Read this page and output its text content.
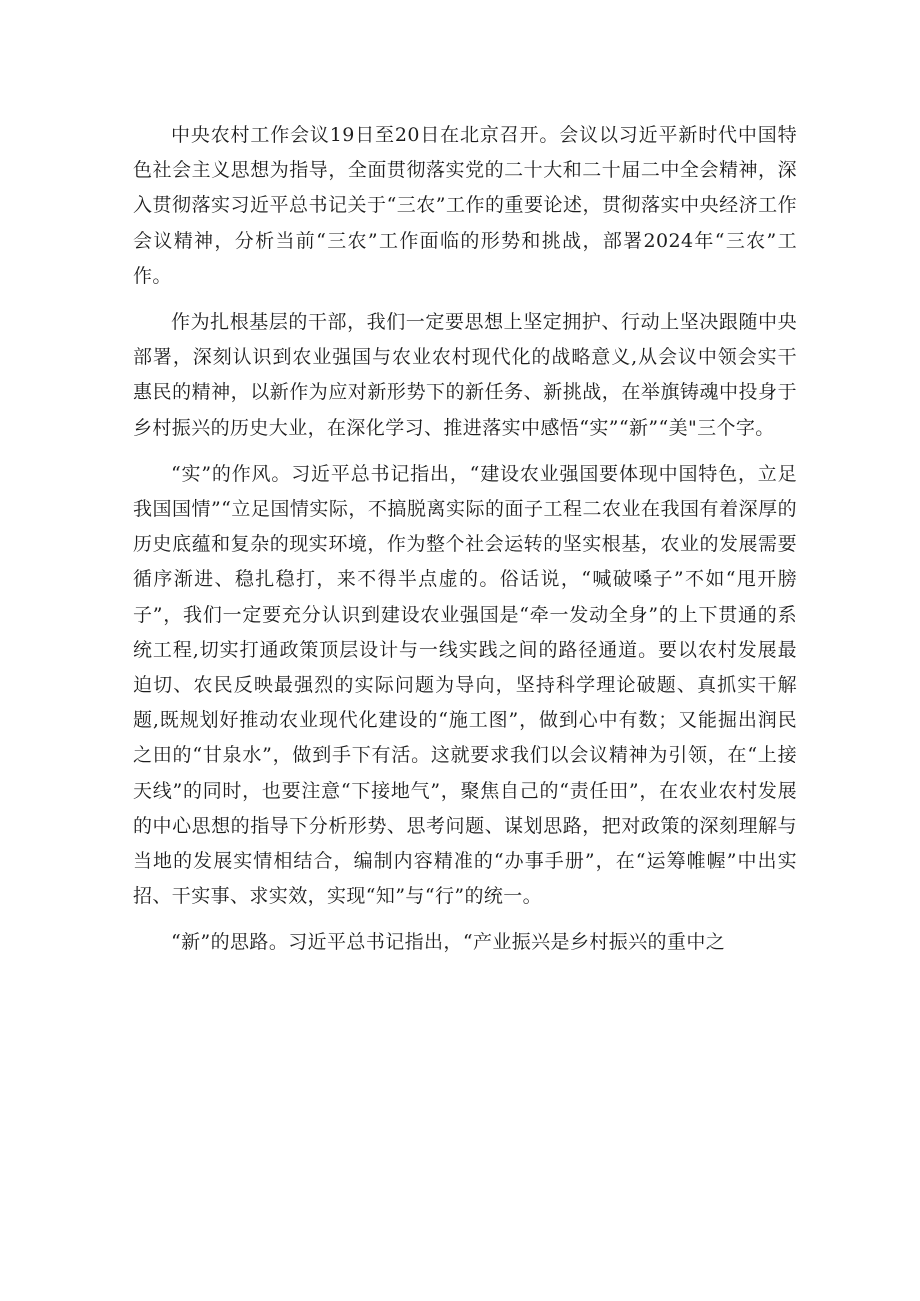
中央农村工作会议19日至20日在北京召开。会议以习近平新时代中国特色社会主义思想为指导，全面贯彻落实党的二十大和二十届二中全会精神，深入贯彻落实习近平总书记关于“三农”工作的重要论述，贯彻落实中央经济工作会议精神，分析当前“三农”工作面临的形势和挑战，部署2024年“三农”工作。

作为扎根基层的干部，我们一定要思想上坚定拥护、行动上坚决跟随中央部署，深刻认识到农业强国与农业农村现代化的战略意义,从会议中领会实干惠民的精神，以新作为应对新形势下的新任务、新挑战，在举旗铸魂中投身于乡村振兴的历史大业，在深化学习、推进落实中感悟“实”“新”“美"三个字。

“实”的作风。习近平总书记指出，“建设农业强国要体现中国特色，立足我国国情”“立足国情实际，不搞脱离实际的面子工程二农业在我国有着深厚的历史底蕴和复杂的现实环境，作为整个社会运转的坚实根基，农业的发展需要循序渐进、稳扎稳打，来不得半点虚的。俗话说，“喊破嗓子”不如“甩开膀子”，我们一定要充分认识到建设农业强国是“牵一发动全身”的上下贯通的系统工程,切实打通政策顶层设计与一线实践之间的路径通道。要以农村发展最迫切、农民反映最强烈的实际问题为导向，坚持科学理论破题、真抓实干解题,既规划好推动农业现代化建设的“施工图”，做到心中有数；又能掘出润民之田的“甘泉水”，做到手下有活。这就要求我们以会议精神为引领，在“上接天线”的同时，也要注意“下接地气”，聚焦自己的“责任田”，在农业农村发展的中心思想的指导下分析形势、思考问题、谋划思路，把对政策的深刻理解与当地的发展实情相结合，编制内容精准的“办事手册”，在“运筹帷幄”中出实招、干实事、求实效，实现“知”与“行”的统一。

“新”的思路。习近平总书记指出，“产业振兴是乡村振兴的重中之
